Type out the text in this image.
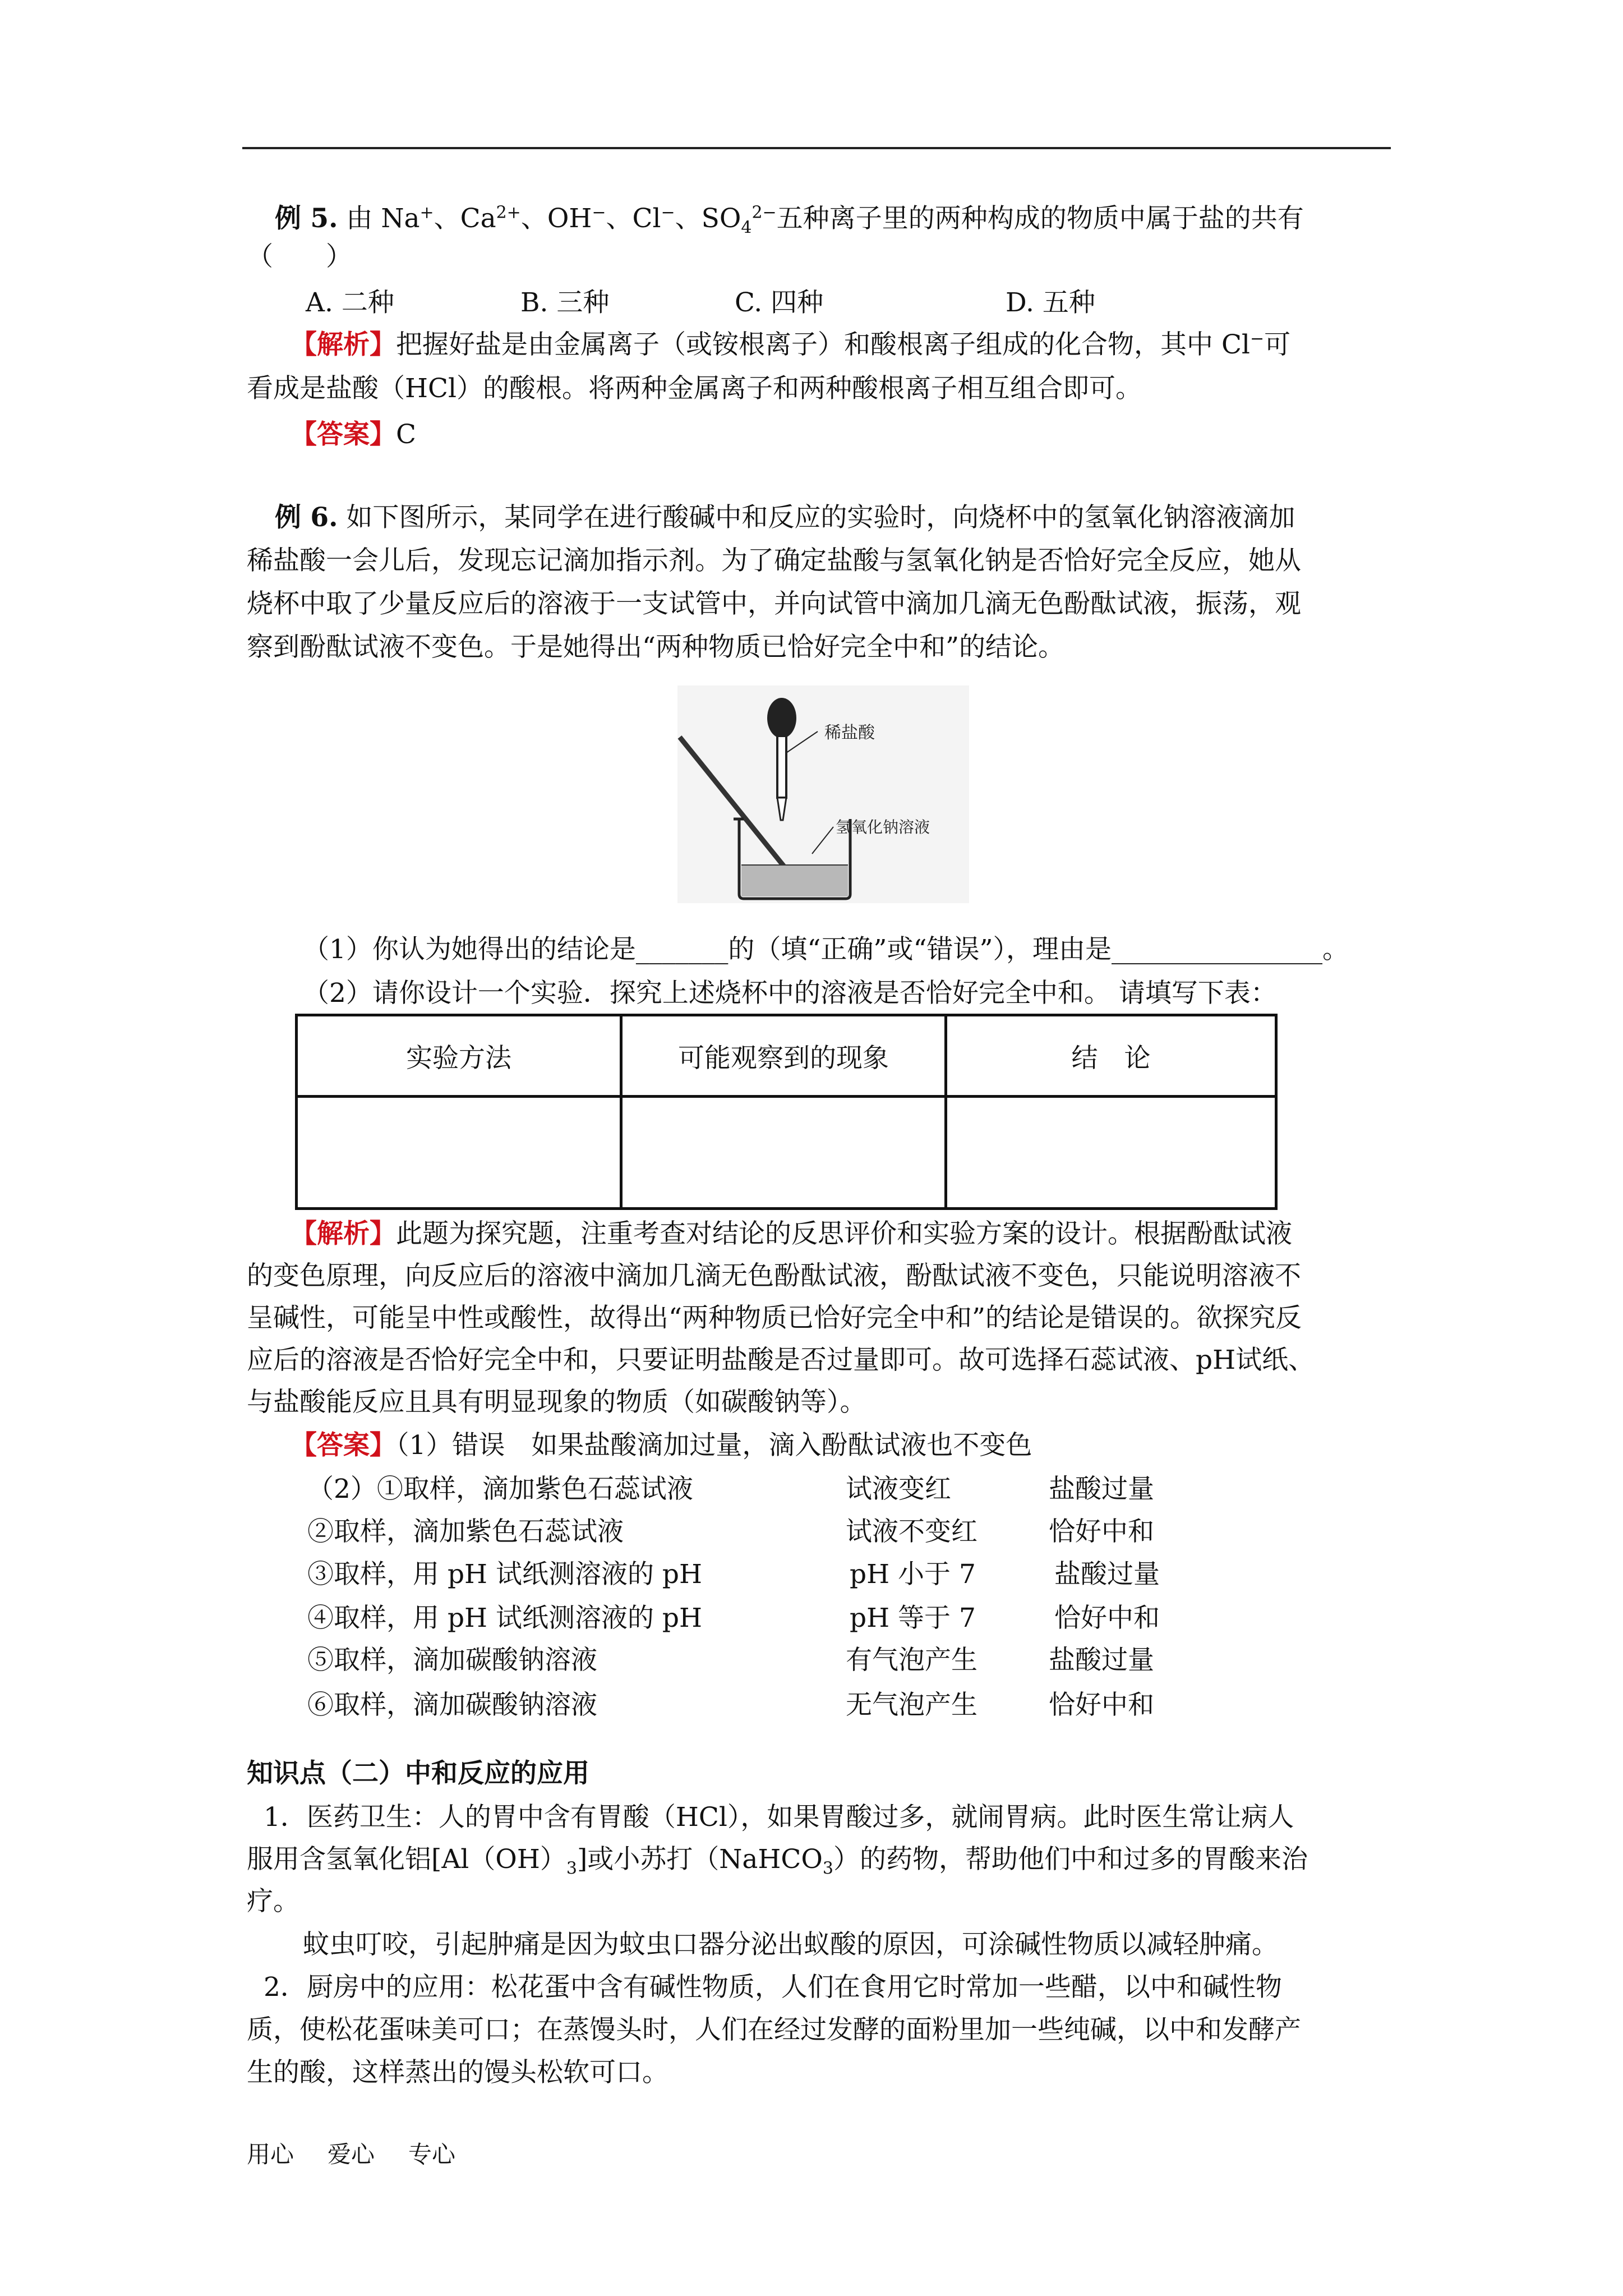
例 5. 由 Na+、$Ca^{2+}$、OH−、Cl−、$SO_4^{2-}$五种离子里的两种构成的物质中属于盐的共有
（　　）
A. 二种	B. 三种	C. 四种	D. 五种
【解析】把握好盐是由金属离子（或铵根离子）和酸根离子组成的化合物，其中 Cl−可
看成是盐酸（HCl）的酸根。将两种金属离子和两种酸根离子相互组合即可。
【答案】C
例 6. 如下图所示，某同学在进行酸碱中和反应的实验时，向烧杯中的氢氧化钠溶液滴加
稀盐酸一会儿后，发现忘记滴加指示剂。为了确定盐酸与氢氧化钠是否恰好完全反应，她从
烧杯中取了少量反应后的溶液于一支试管中，并向试管中滴加几滴无色酚酞试液，振荡，观
察到酚酞试液不变色。于是她得出“两种物质已恰好完全中和”的结论。
稀盐酸
氢氧化钠溶液
（1）你认为她得出的结论是_______的（填“正确”或“错误”），理由是________________。
（2）请你设计一个实验．探究上述烧杯中的溶液是否恰好完全中和。 请填写下表：
实验方法	可能观察到的现象	结　论

【解析】此题为探究题，注重考查对结论的反思评价和实验方案的设计。根据酚酞试液
的变色原理，向反应后的溶液中滴加几滴无色酚酞试液，酚酞试液不变色，只能说明溶液不
呈碱性，可能呈中性或酸性，故得出“两种物质已恰好完全中和”的结论是错误的。欲探究反
应后的溶液是否恰好完全中和，只要证明盐酸是否过量即可。故可选择石蕊试液、pH试纸、
与盐酸能反应且具有明显现象的物质（如碳酸钠等）。
【答案】（1）错误　如果盐酸滴加过量，滴入酚酞试液也不变色
（2）①取样，滴加紫色石蕊试液	试液变红	盐酸过量
②取样，滴加紫色石蕊试液	试液不变红	恰好中和
③取样，用 pH 试纸测溶液的 pH	pH 小于 7	盐酸过量
④取样，用 pH 试纸测溶液的 pH	pH 等于 7	恰好中和
⑤取样，滴加碳酸钠溶液	有气泡产生	盐酸过量
⑥取样，滴加碳酸钠溶液	无气泡产生	恰好中和
知识点（二）中和反应的应用
1．医药卫生：人的胃中含有胃酸（HCl），如果胃酸过多，就闹胃病。此时医生常让病人
服用含氢氧化铝$[Al(OH)_3]$或小苏打（NaHCO$_3$）的药物，帮助他们中和过多的胃酸来治
疗。
蚊虫叮咬，引起肿痛是因为蚊虫口器分泌出蚁酸的原因，可涂碱性物质以减轻肿痛。
2．厨房中的应用：松花蛋中含有碱性物质，人们在食用它时常加一些醋，以中和碱性物
质，使松花蛋味美可口；在蒸馒头时，人们在经过发酵的面粉里加一些纯碱，以中和发酵产
生的酸，这样蒸出的馒头松软可口。
用心 爱心 专心
